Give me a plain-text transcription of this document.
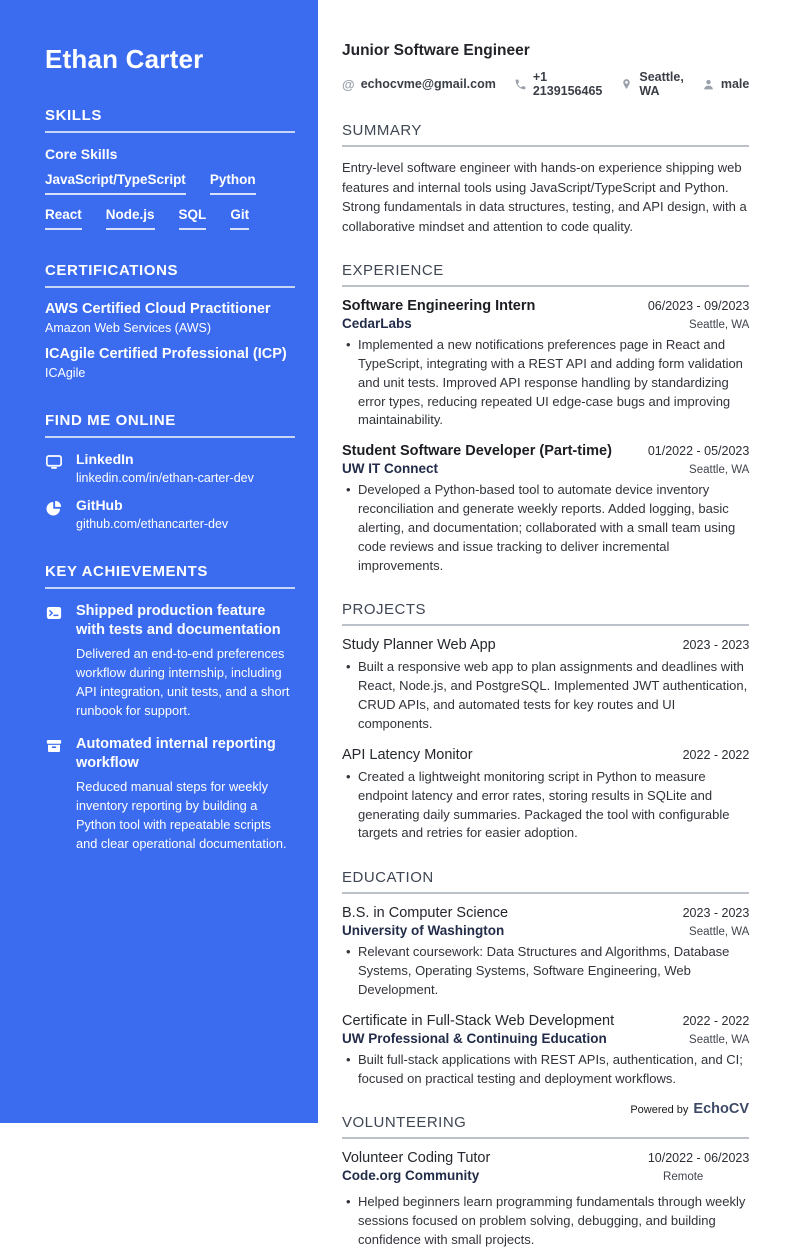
Ethan Carter
SKILLS
Core Skills
JavaScript/TypeScript Python
React Node.js SQL Git
CERTIFICATIONS
AWS Certified Cloud Practitioner
Amazon Web Services (AWS)
ICAgile Certified Professional (ICP)
ICAgile
FIND ME ONLINE
LinkedIn
linkedin.com/in/ethan-carter-dev
GitHub
github.com/ethancarter-dev
KEY ACHIEVEMENTS
Shipped production feature with tests and documentation
Delivered an end-to-end preferences workflow during internship, including API integration, unit tests, and a short runbook for support.
Automated internal reporting workflow
Reduced manual steps for weekly inventory reporting by building a Python tool with repeatable scripts and clear operational documentation.
Junior Software Engineer
@ echocvme@gmail.com	+1 2139156465
Seattle, WA	male
SUMMARY

Entry-level software engineer with hands-on experience shipping web features and internal tools using JavaScript/TypeScript and Python. Strong fundamentals in data structures, testing, and API design, with a collaborative mindset and attention to code quality.

EXPERIENCE
Software Engineering Intern	06/2023 - 09/2023
CedarLabs	Seattle, WA
• Implemented a new notifications preferences page in React and TypeScript, integrating with a REST API and adding form validation and unit tests. Improved API response handling by standardizing error types, reducing repeated UI edge-case bugs and improving maintainability.
Student Software Developer (Part-time)	01/2022 - 05/2023
UW IT Connect	Seattle, WA
• Developed a Python-based tool to automate device inventory reconciliation and generate weekly reports. Added logging, basic alerting, and documentation; collaborated with a small team using code reviews and issue tracking to deliver incremental improvements.
PROJECTS
Study Planner Web App	2023 - 2023
• Built a responsive web app to plan assignments and deadlines with React, Node.js, and PostgreSQL. Implemented JWT authentication, CRUD APIs, and automated tests for key routes and UI components.
API Latency Monitor	2022 - 2022
• Created a lightweight monitoring script in Python to measure endpoint latency and error rates, storing results in SQLite and generating daily summaries. Packaged the tool with configurable targets and retries for easier adoption.
EDUCATION
B.S. in Computer Science	2023 - 2023
University of Washington	Seattle, WA
• Relevant coursework: Data Structures and Algorithms, Database Systems, Operating Systems, Software Engineering, Web Development.
Certificate in Full-Stack Web Development	2022 - 2022
UW Professional & Continuing Education	Seattle, WA
• Built full-stack applications with REST APIs, authentication, and CI; focused on practical testing and deployment workflows.
VOLUNTEERING
Volunteer Coding Tutor	10/2022 - 06/2023
Code.org Community	Remote
• Helped beginners learn programming fundamentals through weekly sessions focused on problem solving, debugging, and building confidence with small projects.
Powered by EchoCV
